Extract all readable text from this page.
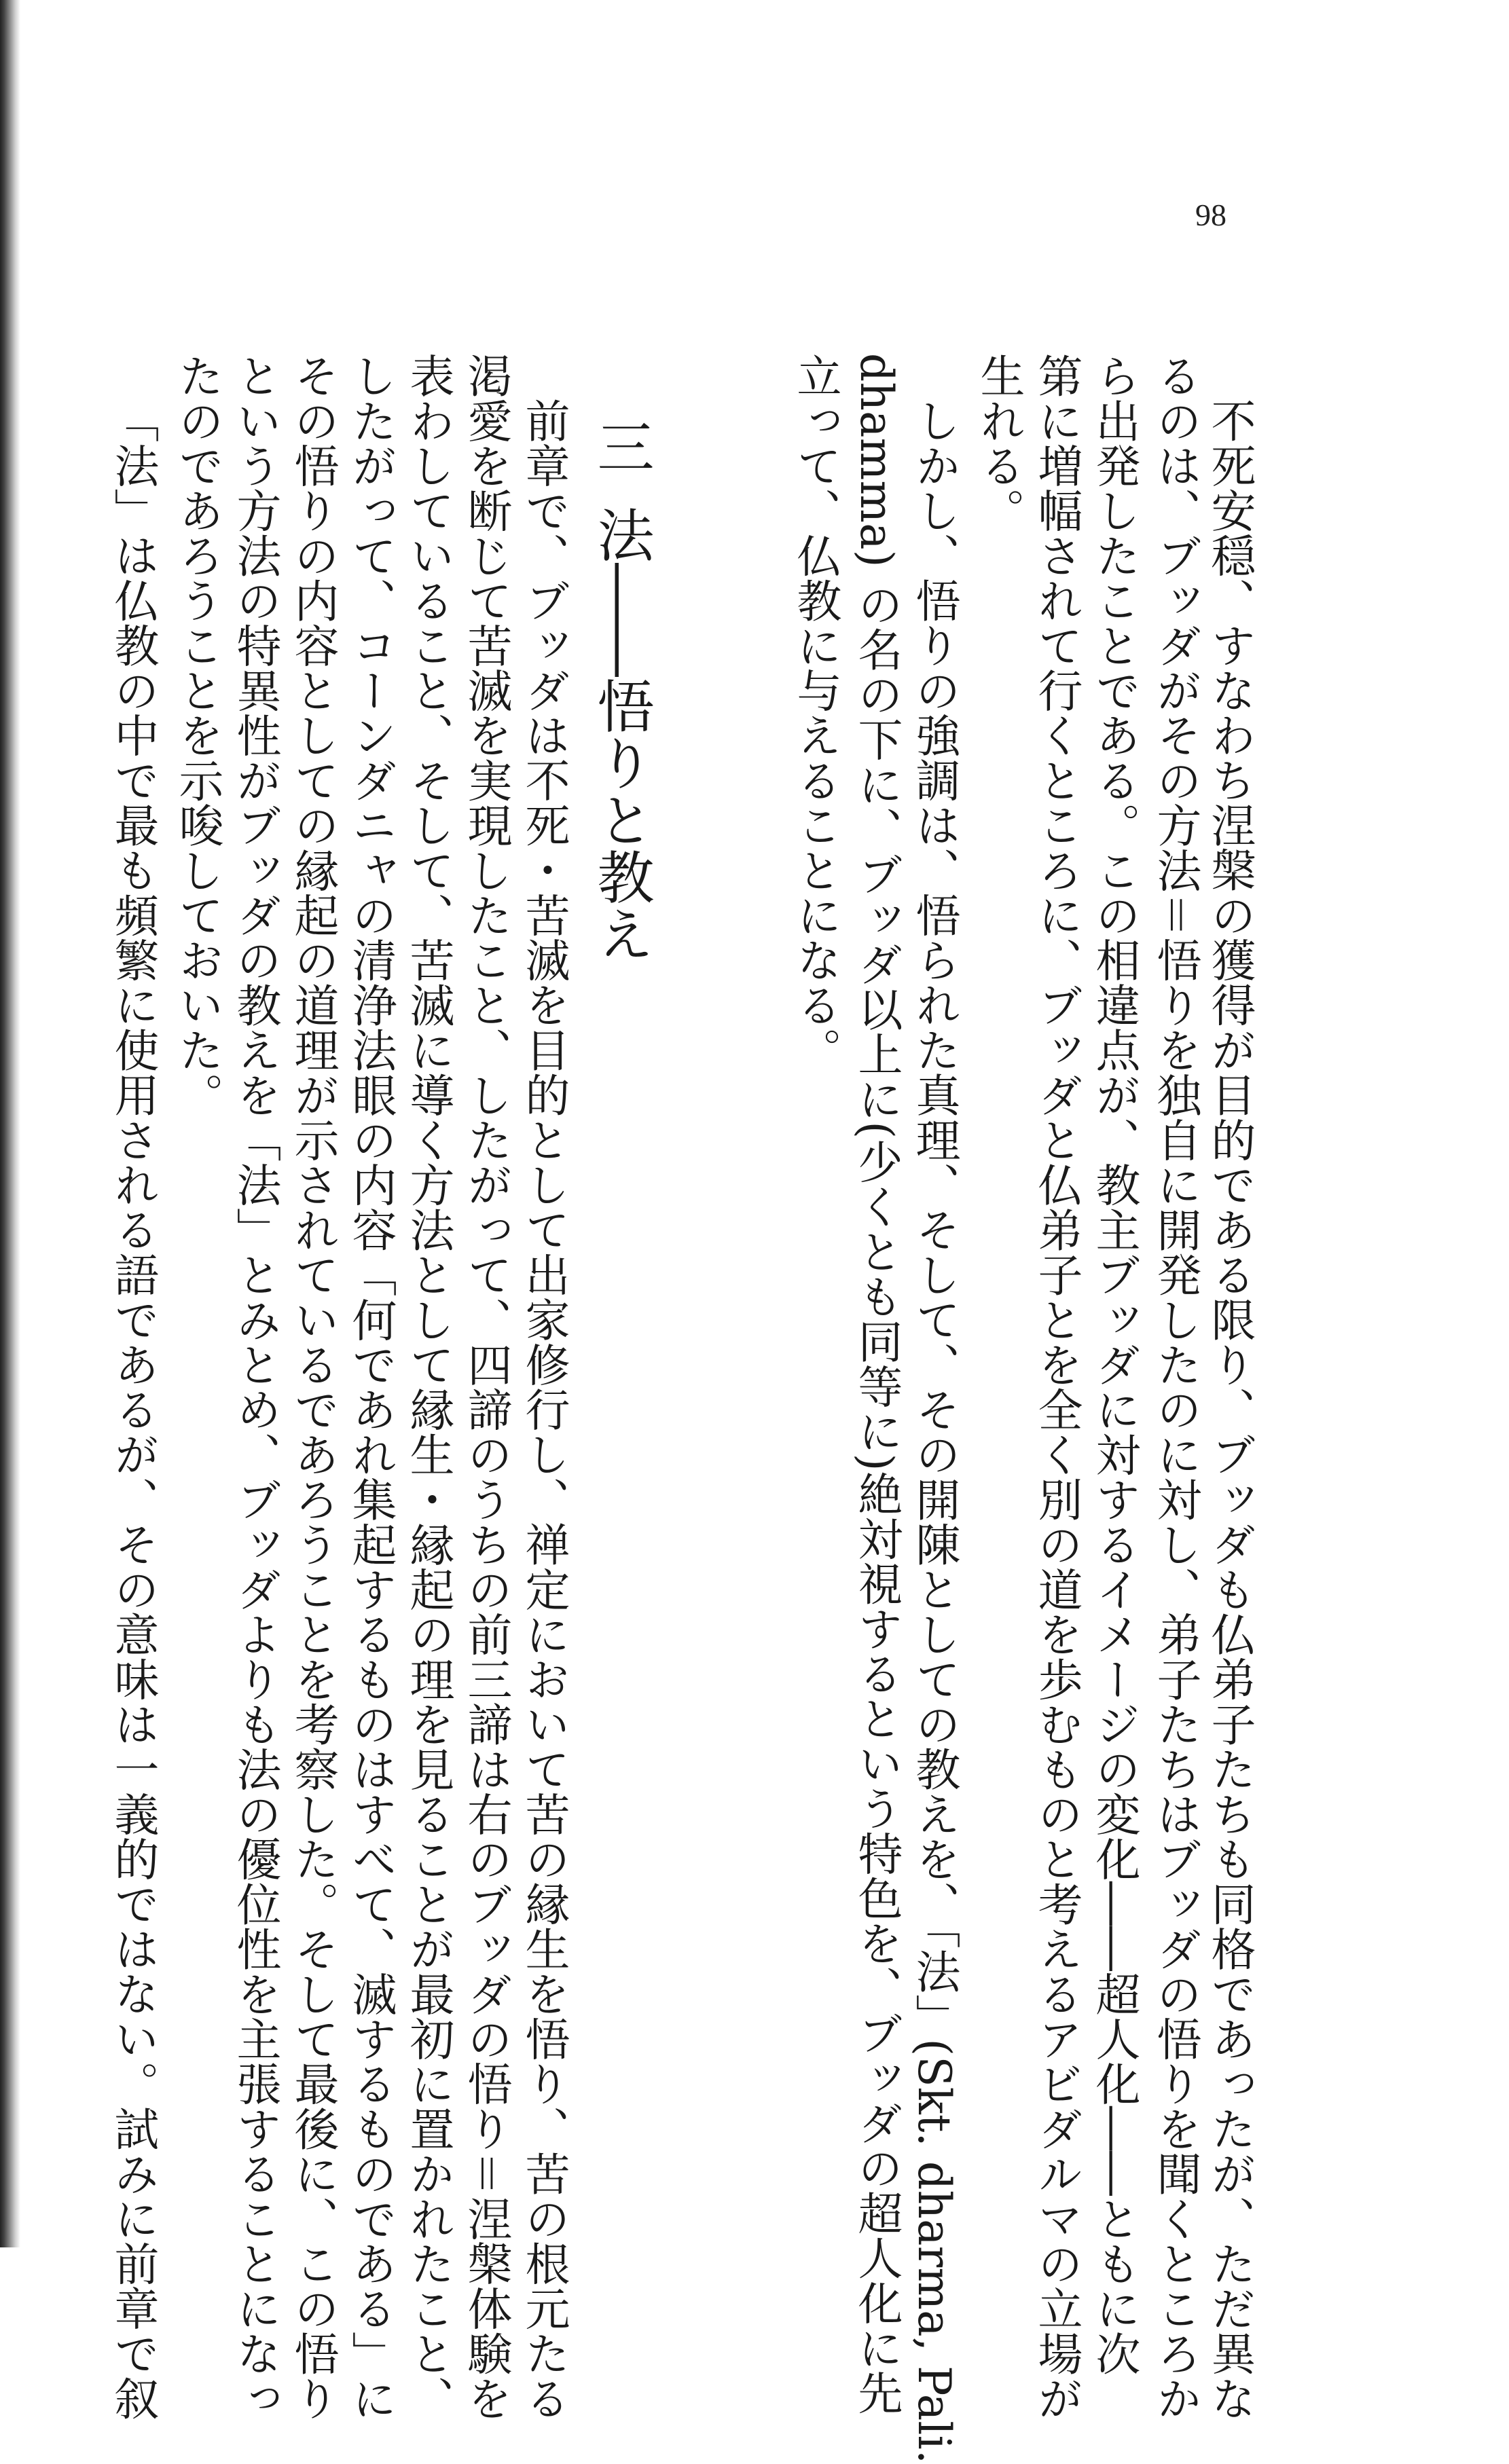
98
三法――悟りと教え	不死安穏、すなわち涅槃の獲得が目的である限り、ブッダも仏弟子たちも同格であったが、ただ異な
るのは、ブッダがその方法＝悟りを独自に開発したのに対し、弟子たちはブッダの悟りを聞くところか
ら出発したことである。この相違点が、教主ブッダに対するイメージの変化――超人化――ともに次
第に増幅されて行くところに、ブッダと仏弟子とを全く別の道を歩むものと考えるアビダルマの立場が
生れる。
しかし、悟りの強調は、悟られた真理、そして、その開陳としての教えを、「法」(Skt. dharma, Pali.
dhamma) の名の下に、ブッダ以上に(少くとも同等に)絶対視するという特色を、ブッダの超人化に先
立って、仏教に与えることになる。
前章で、ブッダは不死・苦滅を目的として出家修行し、禅定において苦の縁生を悟り、苦の根元たる
渇愛を断じて苦滅を実現したこと、したがって、四諦のうちの前三諦は右のブッダの悟り＝涅槃体験を
表わしていること、そして、苦滅に導く方法として縁生・縁起の理を見ることが最初に置かれたこと、
したがって、コーンダニャの清浄法眼の内容「何であれ集起するものはすべて、滅するものである」に
その悟りの内容としての縁起の道理が示されているであろうことを考察した。そして最後に、この悟り
という方法の特異性がブッダの教えを「法」とみとめ、ブッダよりも法の優位性を主張することになっ
たのであろうことを示唆しておいた。
「法」は仏教の中で最も頻繁に使用される語であるが、その意味は一義的ではない。試みに前章で叙
